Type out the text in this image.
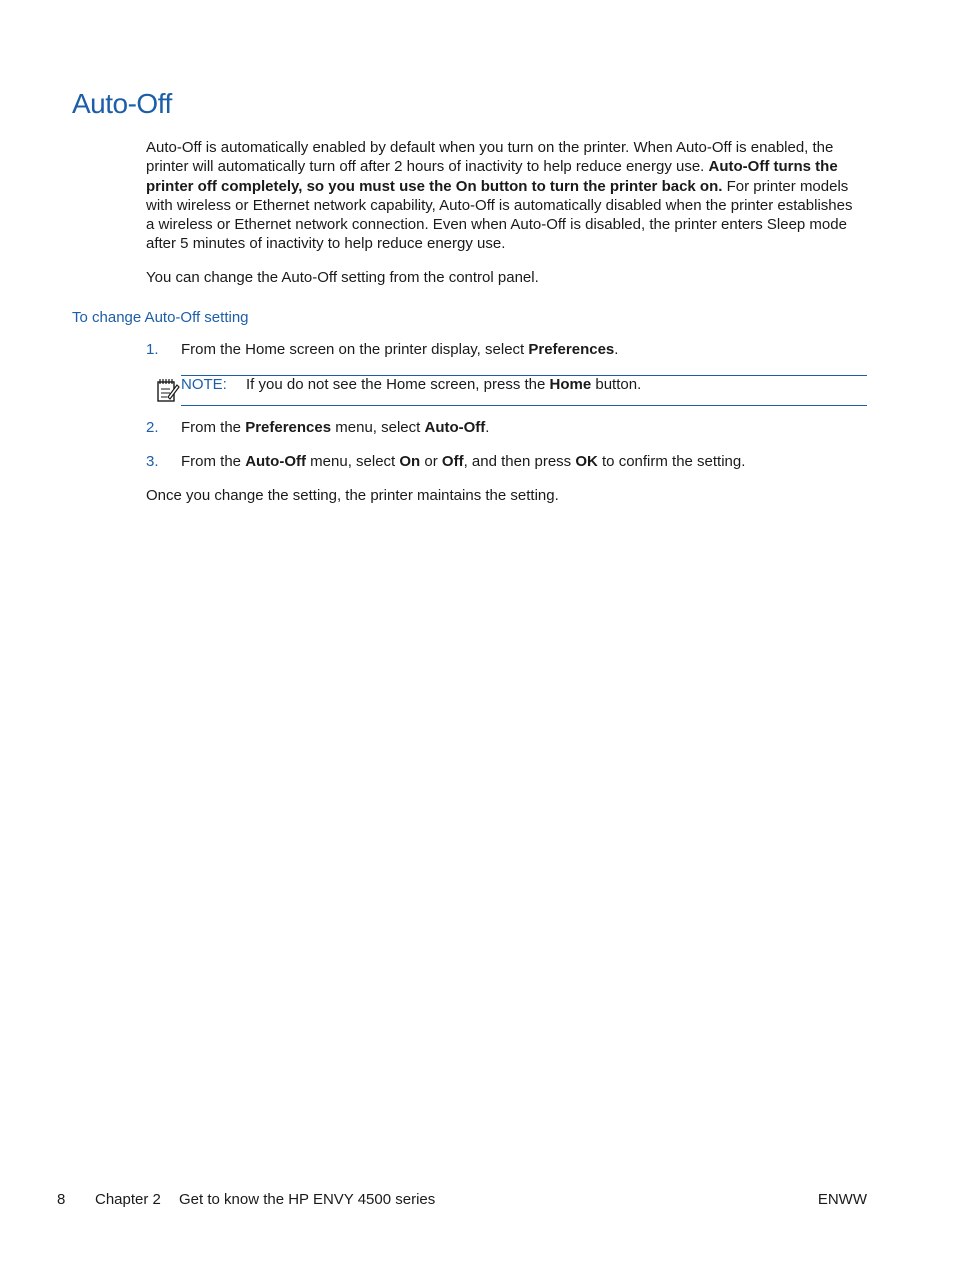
Auto-Off

Auto-Off is automatically enabled by default when you turn on the printer. When Auto-Off is enabled, the printer will automatically turn off after 2 hours of inactivity to help reduce energy use. Auto-Off turns the printer off completely, so you must use the On button to turn the printer back on. For printer models with wireless or Ethernet network capability, Auto-Off is automatically disabled when the printer establishes a wireless or Ethernet network connection. Even when Auto-Off is disabled, the printer enters Sleep mode after 5 minutes of inactivity to help reduce energy use.

You can change the Auto-Off setting from the control panel.

To change Auto-Off setting
1. From the Home screen on the printer display, select Preferences.
NOTE: If you do not see the Home screen, press the Home button.
2. From the Preferences menu, select Auto-Off.
3. From the Auto-Off menu, select On or Off, and then press OK to confirm the setting.

Once you change the setting, the printer maintains the setting.

8 Chapter 2 Get to know the HP ENVY 4500 series	ENWW
